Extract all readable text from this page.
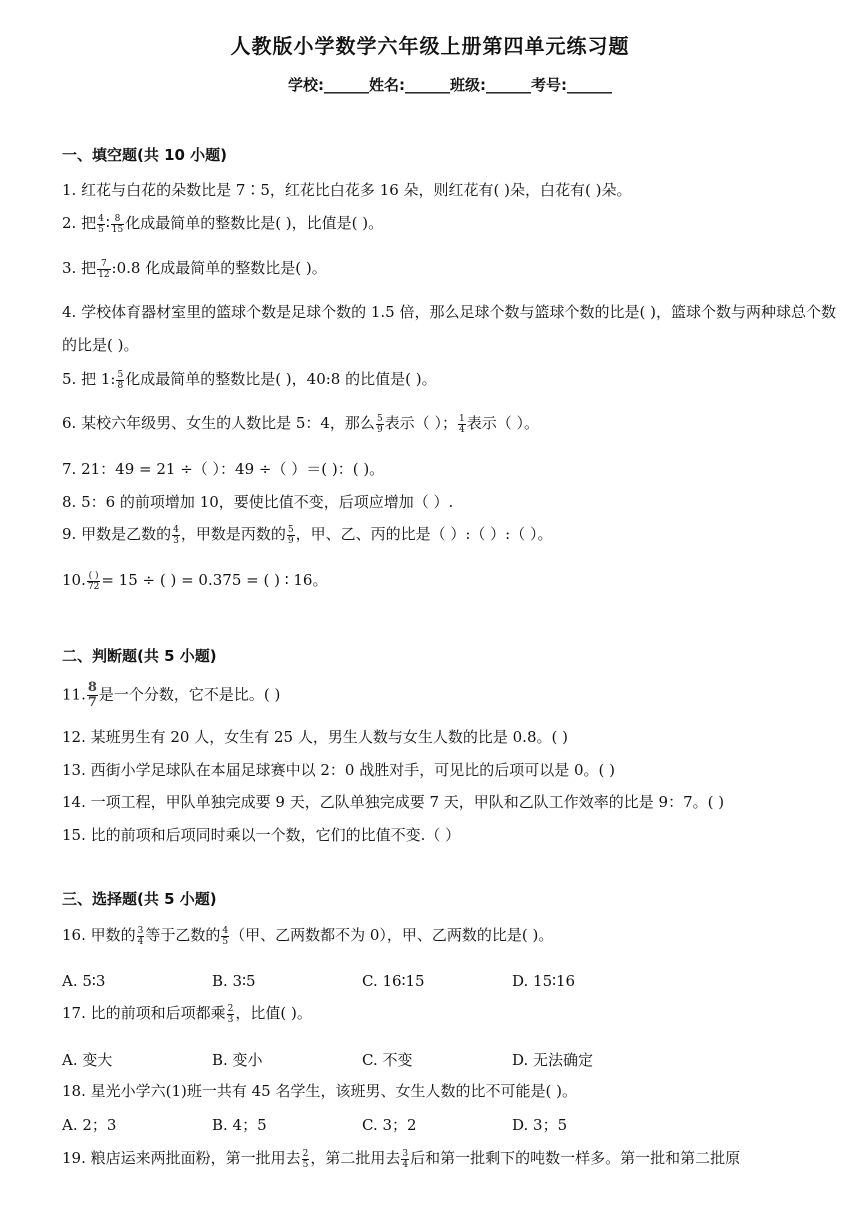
人教版小学数学六年级上册第四单元练习题
学校:______姓名:______班级:______考号:______
一、填空题(共 10 小题)
1. 红花与白花的朵数比是 7∶5，红花比白花多 16 朵，则红花有( )朵，白花有( )朵。
2. 把 $\frac{4}{5}$ ∶ $\frac{8}{15}$ 化成最简单的整数比是( )，比值是( )。
3. 把 $\frac{7}{12}$ :0.8 化成最简单的整数比是( )。
4. 学校体育器材室里的篮球个数是足球个数的 1.5 倍，那么足球个数与篮球个数的比是( )，篮球个数与两种球总个数的比是( )。
5. 把 1: $\frac{5}{8}$ 化成最简单的整数比是( )，40:8 的比值是( )。
6. 某校六年级男、女生的人数比是 5：4，那么 $\frac{5}{9}$ 表示（ ）； $\frac{1}{4}$ 表示（ ）。
7. 21：49 = 21 ÷（ ）：49 ÷（ ）＝( )：( )。
8. 5：6 的前项增加 10，要使比值不变，后项应增加（ ）.
9. 甲数是乙数的 $\frac{4}{3}$ ，甲数是丙数的 $\frac{5}{9}$ ，甲、乙、丙的比是（ ）:（ ）:（ ）。
10. $\frac{( )}{72} = 15$ ÷ ( ) = 0.375 = ( ) ∶ 16。
二、判断题(共 5 小题)
11. $\frac{8}{7}$ 是一个分数，它不是比。( )
12. 某班男生有 20 人，女生有 25 人，男生人数与女生人数的比是 0.8。( )
13. 西街小学足球队在本届足球赛中以 2：0 战胜对手，可见比的后项可以是 0。( )
14. 一项工程，甲队单独完成要 9 天，乙队单独完成要 7 天，甲队和乙队工作效率的比是 9：7。( )
15. 比的前项和后项同时乘以一个数，它们的比值不变.（ ）
三、选择题(共 5 小题)
16. 甲数的 $\frac{3}{4}$ 等于乙数的 $\frac{4}{5}$ （甲、乙两数都不为 0），甲、乙两数的比是( )。
A. 5∶3	B. 3∶5	C. 16∶15	D. 15∶16
17. 比的前项和后项都乘 $\frac{2}{3}$ ，比值( )。
A. 变大	B. 变小	C. 不变	D. 无法确定
18. 星光小学六(1)班一共有 45 名学生，该班男、女生人数的比不可能是( )。
A. 2；3	B. 4；5	C. 3；2	D. 3；5
19. 粮店运来两批面粉，第一批用去 $\frac{2}{5}$ ，第二批用去 $\frac{3}{4}$ 后和第一批剩下的吨数一样多。第一批和第二批原
